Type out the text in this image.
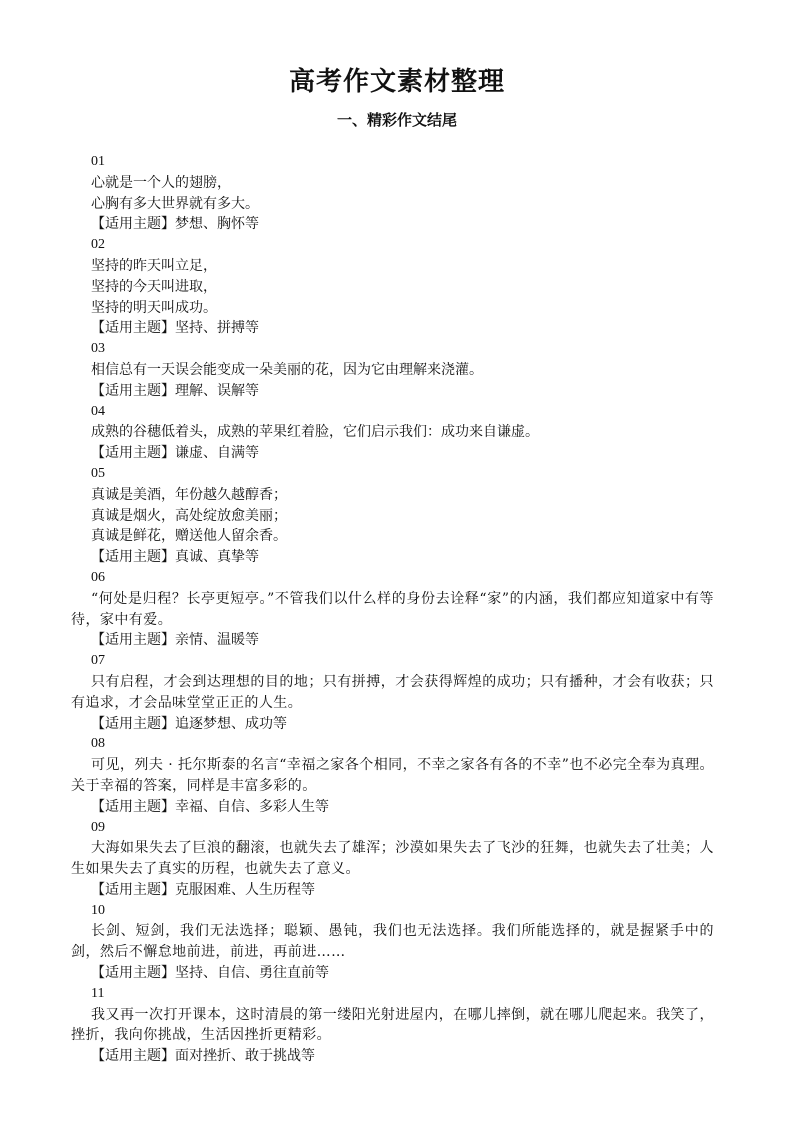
高考作文素材整理
一、精彩作文结尾
01
心就是一个人的翅膀，
心胸有多大世界就有多大。
【适用主题】梦想、胸怀等
02
坚持的昨天叫立足，
坚持的今天叫进取，
坚持的明天叫成功。
【适用主题】坚持、拼搏等
03
相信总有一天误会能变成一朵美丽的花，因为它由理解来浇灌。
【适用主题】理解、误解等
04
成熟的谷穗低着头，成熟的苹果红着脸，它们启示我们：成功来自谦虚。
【适用主题】谦虚、自满等
05
真诚是美酒，年份越久越醇香；
真诚是烟火，高处绽放愈美丽；
真诚是鲜花，赠送他人留余香。
【适用主题】真诚、真挚等
06
“何处是归程？长亭更短亭。”不管我们以什么样的身份去诠释“家”的内涵，我们都应知道家中有等待，家中有爱。
【适用主题】亲情、温暖等
07
只有启程，才会到达理想的目的地；只有拼搏，才会获得辉煌的成功；只有播种，才会有收获；只有追求，才会品味堂堂正正的人生。
【适用主题】追逐梦想、成功等
08
可见，列夫 · 托尔斯泰的名言“幸福之家各个相同，不幸之家各有各的不幸”也不必完全奉为真理。关于幸福的答案，同样是丰富多彩的。
【适用主题】幸福、自信、多彩人生等
09
大海如果失去了巨浪的翻滚，也就失去了雄浑；沙漠如果失去了飞沙的狂舞，也就失去了壮美；人生如果失去了真实的历程，也就失去了意义。
【适用主题】克服困难、人生历程等
10
长剑、短剑，我们无法选择；聪颖、愚钝，我们也无法选择。我们所能选择的，就是握紧手中的剑，然后不懈怠地前进，前进，再前进……
【适用主题】坚持、自信、勇往直前等
11
我又再一次打开课本，这时清晨的第一缕阳光射进屋内，在哪儿摔倒，就在哪儿爬起来。我笑了，挫折，我向你挑战，生活因挫折更精彩。
【适用主题】面对挫折、敢于挑战等
